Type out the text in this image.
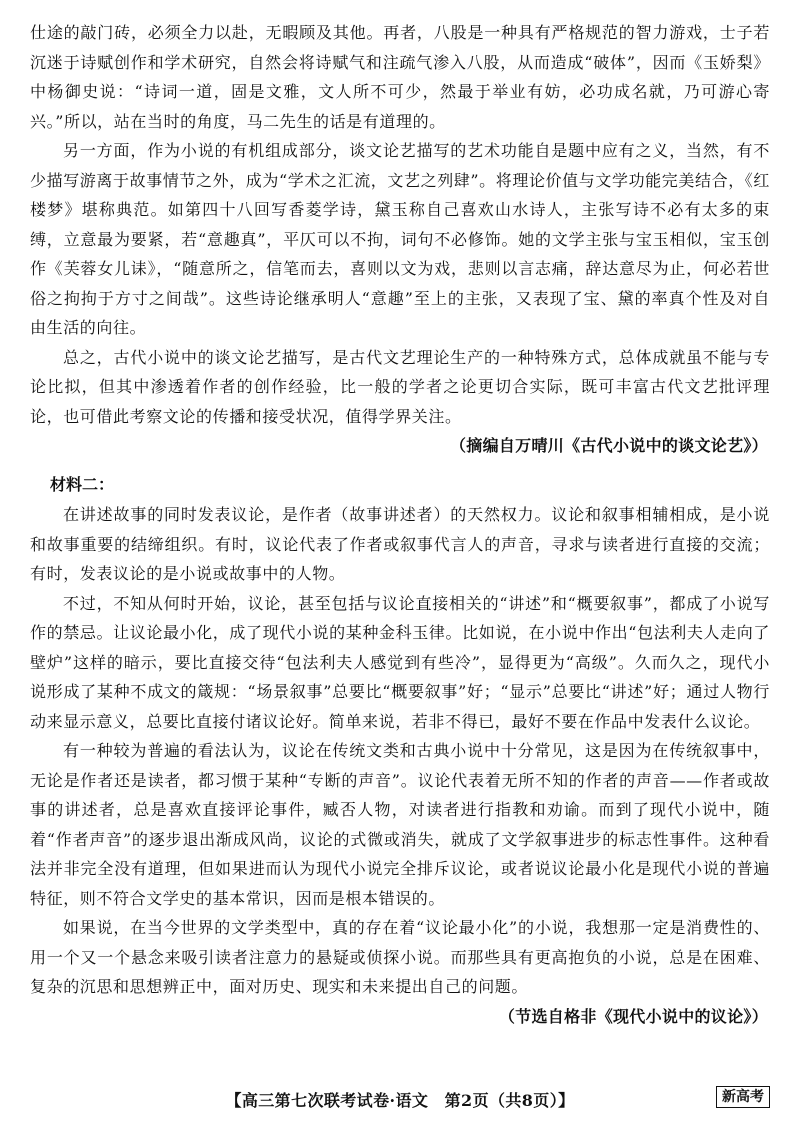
仕途的敲门砖，必须全力以赴，无暇顾及其他。再者，八股是一种具有严格规范的智力游戏，士子若沉迷于诗赋创作和学术研究，自然会将诗赋气和注疏气渗入八股，从而造成“破体”，因而《玉娇梨》中杨御史说：“诗词一道，固是文雅，文人所不可少，然最于举业有妨，必功成名就，乃可游心寄兴。”所以，站在当时的角度，马二先生的话是有道理的。

另一方面，作为小说的有机组成部分，谈文论艺描写的艺术功能自是题中应有之义，当然，有不少描写游离于故事情节之外，成为“学术之汇流，文艺之列肆”。将理论价值与文学功能完美结合，《红楼梦》堪称典范。如第四十八回写香菱学诗，黛玉称自己喜欢山水诗人，主张写诗不必有太多的束缚，立意最为要紧，若“意趣真”，平仄可以不拘，词句不必修饰。她的文学主张与宝玉相似，宝玉创作《芙蓉女儿诔》，“随意所之，信笔而去，喜则以文为戏，悲则以言志痛，辞达意尽为止，何必若世俗之拘拘于方寸之间哉”。这些诗论继承明人“意趣”至上的主张，又表现了宝、黛的率真个性及对自由生活的向往。

总之，古代小说中的谈文论艺描写，是古代文艺理论生产的一种特殊方式，总体成就虽不能与专论比拟，但其中渗透着作者的创作经验，比一般的学者之论更切合实际，既可丰富古代文艺批评理论，也可借此考察文论的传播和接受状况，值得学界关注。

（摘编自万晴川《古代小说中的谈文论艺》）

材料二：

在讲述故事的同时发表议论，是作者（故事讲述者）的天然权力。议论和叙事相辅相成，是小说和故事重要的结缔组织。有时，议论代表了作者或叙事代言人的声音，寻求与读者进行直接的交流；有时，发表议论的是小说或故事中的人物。

不过，不知从何时开始，议论，甚至包括与议论直接相关的“讲述”和“概要叙事”，都成了小说写作的禁忌。让议论最小化，成了现代小说的某种金科玉律。比如说，在小说中作出“包法利夫人走向了壁炉”这样的暗示，要比直接交待“包法利夫人感觉到有些冷”，显得更为“高级”。久而久之，现代小说形成了某种不成文的箴规：“场景叙事”总要比“概要叙事”好；“显示”总要比“讲述”好；通过人物行动来显示意义，总要比直接付诸议论好。简单来说，若非不得已，最好不要在作品中发表什么议论。

有一种较为普遍的看法认为，议论在传统文类和古典小说中十分常见，这是因为在传统叙事中，无论是作者还是读者，都习惯于某种“专断的声音”。议论代表着无所不知的作者的声音——作者或故事的讲述者，总是喜欢直接评论事件，臧否人物，对读者进行指教和劝谕。而到了现代小说中，随着“作者声音”的逐步退出渐成风尚，议论的式微或消失，就成了文学叙事进步的标志性事件。这种看法并非完全没有道理，但如果进而认为现代小说完全排斥议论，或者说议论最小化是现代小说的普遍特征，则不符合文学史的基本常识，因而是根本错误的。

如果说，在当今世界的文学类型中，真的存在着“议论最小化”的小说，我想那一定是消费性的、用一个又一个悬念来吸引读者注意力的悬疑或侦探小说。而那些具有更高抱负的小说，总是在困难、复杂的沉思和思想辨正中，面对历史、现实和未来提出自己的问题。

（节选自格非《现代小说中的议论》）

【高三第七次联考试卷·语文　第2页（共8页）】	新高考
